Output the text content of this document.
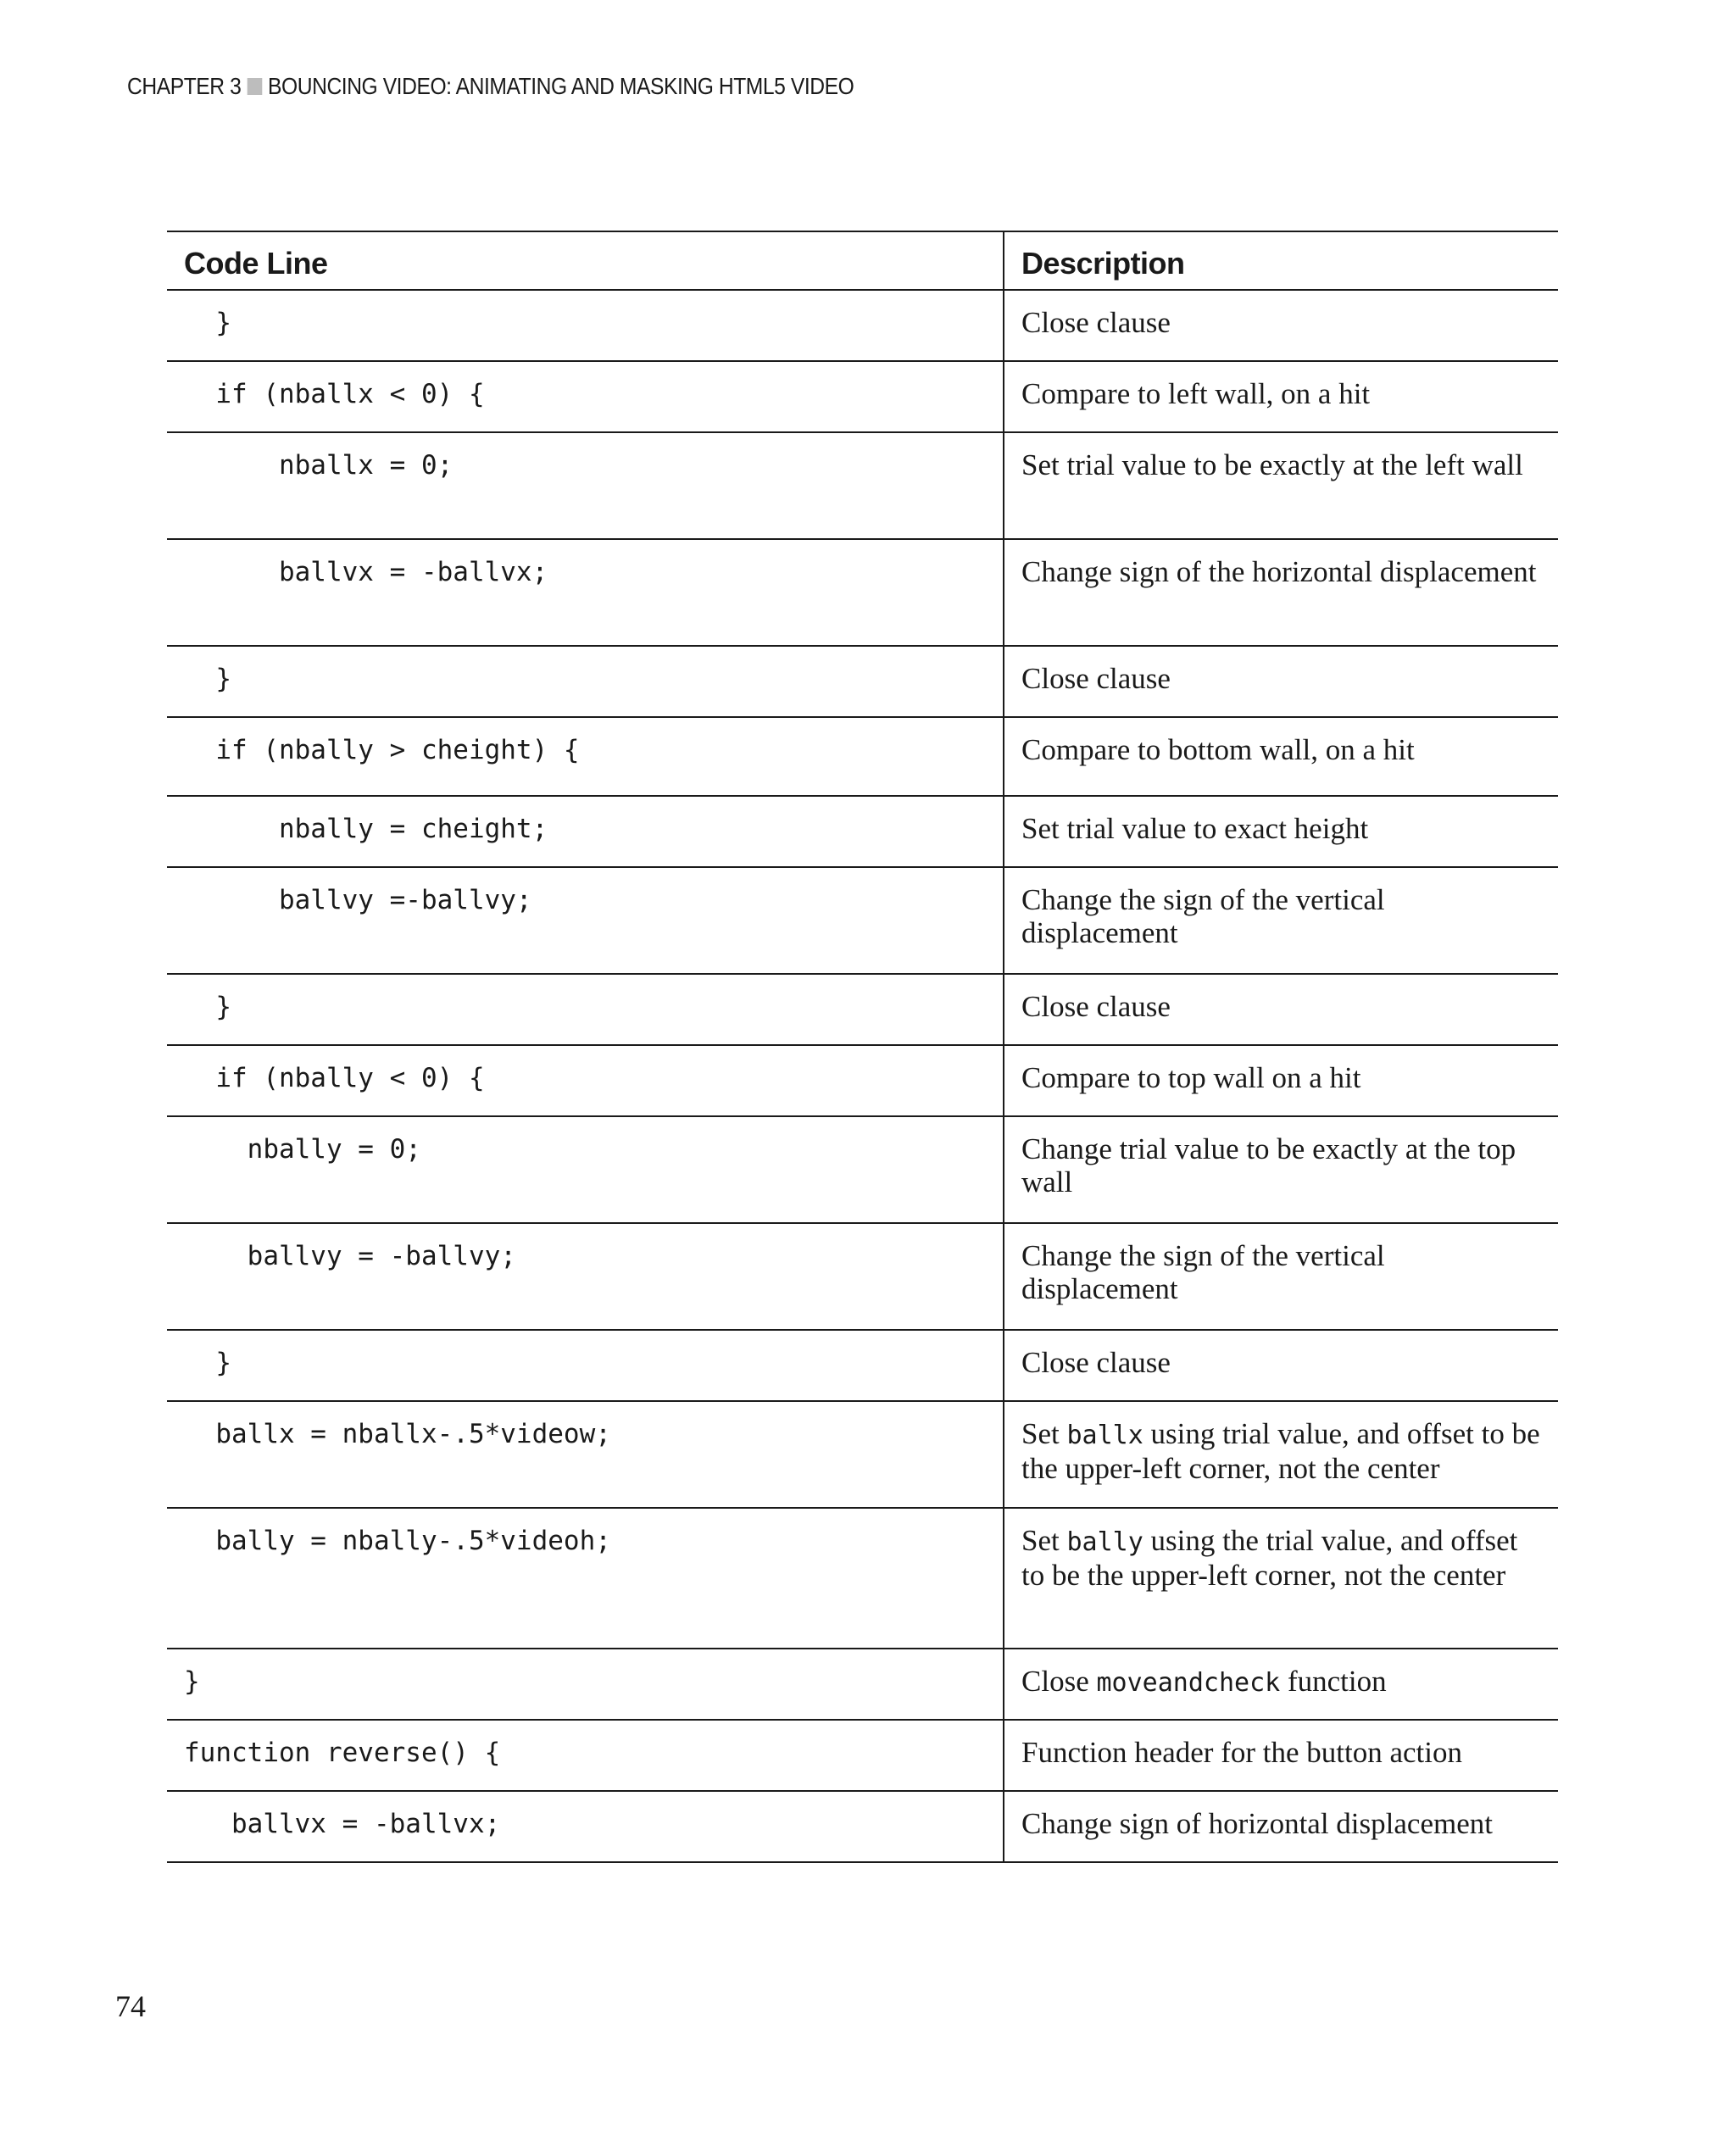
CHAPTER 3 BOUNCING VIDEO: ANIMATING AND MASKING HTML5 VIDEO
Code Line	Description
}	Close clause
if (nballx < 0) {	Compare to left wall, on a hit
nballx = 0;	Set trial value to be exactly at the left wall
ballvx = -ballvx;	Change sign of the horizontal displacement
}	Close clause
if (nbally > cheight) {	Compare to bottom wall, on a hit
nbally = cheight;	Set trial value to exact height
ballvy =-ballvy;	Change the sign of the vertical displacement
}	Close clause
if (nbally < 0) {	Compare to top wall on a hit
nbally = 0;	Change trial value to be exactly at the top wall
ballvy = -ballvy;	Change the sign of the vertical displacement
}	Close clause
ballx = nballx-.5*videow;	Set ballx using trial value, and offset to be the upper-left corner, not the center
bally = nbally-.5*videoh;	Set bally using the trial value, and offset to be the upper-left corner, not the center
}	Close moveandcheck function
function reverse() {	Function header for the button action
ballvx = -ballvx;	Change sign of horizontal displacement
74
